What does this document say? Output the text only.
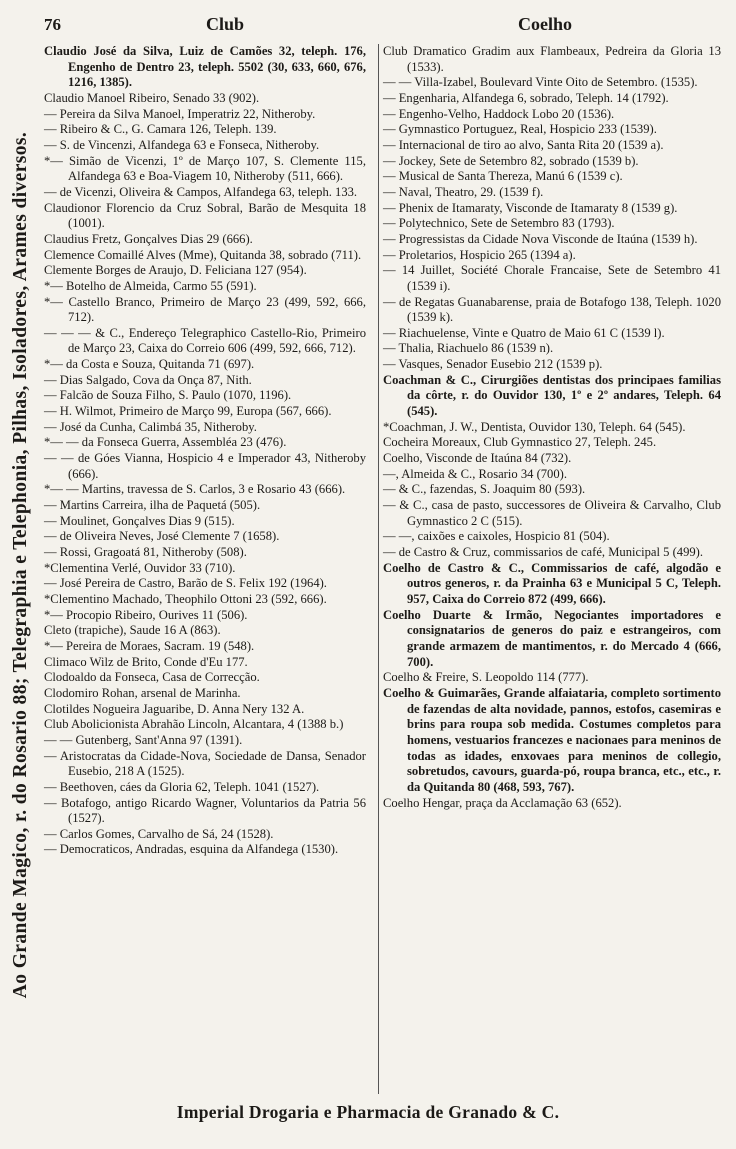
Ao Grande Magico, r. do Rosario 88; Telegraphia e Telephonia, Pilhas, Isoladores, Arames diversos.
76	Club	Coelho

Claudio José da Silva, Luiz de Camões 32, teleph. 176, Engenho de Dentro 23, teleph. 5502 (30, 633, 660, 676, 1216, 1385).

Claudio Manoel Ribeiro, Senado 33 (902).

— Pereira da Silva Manoel, Imperatriz 22, Nitheroby.

— Ribeiro & C., G. Camara 126, Teleph. 139.

— S. de Vincenzi, Alfandega 63 e Fonseca, Nitheroby.

*— Simão de Vicenzi, 1º de Março 107, S. Clemente 115, Alfandega 63 e Boa-Viagem 10, Nitheroby (511, 666).

— de Vicenzi, Oliveira & Campos, Alfandega 63, teleph. 133.

Claudionor Florencio da Cruz Sobral, Barão de Mesquita 18 (1001).

Claudius Fretz, Gonçalves Dias 29 (666).

Clemence Comaillé Alves (Mme), Quitanda 38, sobrado (711).

Clemente Borges de Araujo, D. Feliciana 127 (954).

*— Botelho de Almeida, Carmo 55 (591).

*— Castello Branco, Primeiro de Março 23 (499, 592, 666, 712).

— — — & C., Endereço Telegraphico Castello-Rio, Primeiro de Março 23, Caixa do Correio 606 (499, 592, 666, 712).

*— da Costa e Souza, Quitanda 71 (697).

— Dias Salgado, Cova da Onça 87, Nith.

— Falcão de Souza Filho, S. Paulo (1070, 1196).

— H. Wilmot, Primeiro de Março 99, Europa (567, 666).

— José da Cunha, Calimbá 35, Nitheroby.

*— — da Fonseca Guerra, Assembléa 23 (476).

— — de Góes Vianna, Hospicio 4 e Imperador 43, Nitheroby (666).

*— — Martins, travessa de S. Carlos, 3 e Rosario 43 (666).

— Martins Carreira, ilha de Paquetá (505).

— Moulinet, Gonçalves Dias 9 (515).

— de Oliveira Neves, José Clemente 7 (1658).

— Rossi, Gragoatá 81, Nitheroby (508).

*Clementina Verlé, Ouvidor 33 (710).

— José Pereira de Castro, Barão de S. Felix 192 (1964).

*Clementino Machado, Theophilo Ottoni 23 (592, 666).

*— Procopio Ribeiro, Ourives 11 (506).

Cleto (trapiche), Saude 16 A (863).

*— Pereira de Moraes, Sacram. 19 (548).

Climaco Wilz de Brito, Conde d'Eu 177.

Clodoaldo da Fonseca, Casa de Correcção.

Clodomiro Rohan, arsenal de Marinha.

Clotildes Nogueira Jaguaribe, D. Anna Nery 132 A.

Club Abolicionista Abrahão Lincoln, Alcantara, 4 (1388 b.)

— — Gutenberg, Sant'Anna 97 (1391).

— Aristocratas da Cidade-Nova, Sociedade de Dansa, Senador Eusebio, 218 A (1525).

— Beethoven, cáes da Gloria 62, Teleph. 1041 (1527).

— Botafogo, antigo Ricardo Wagner, Voluntarios da Patria 56 (1527).

— Carlos Gomes, Carvalho de Sá, 24 (1528).

— Democraticos, Andradas, esquina da Alfandega (1530).

Club Dramatico Gradim aux Flambeaux, Pedreira da Gloria 13 (1533).

— — Villa-Izabel, Boulevard Vinte Oito de Setembro. (1535).

— Engenharia, Alfandega 6, sobrado, Teleph. 14 (1792).

— Engenho-Velho, Haddock Lobo 20 (1536).

— Gymnastico Portuguez, Real, Hospicio 233 (1539).

— Internacional de tiro ao alvo, Santa Rita 20 (1539 a).

— Jockey, Sete de Setembro 82, sobrado (1539 b).

— Musical de Santa Thereza, Manú 6 (1539 c).

— Naval, Theatro, 29. (1539 f).

— Phenix de Itamaraty, Visconde de Itamaraty 8 (1539 g).

— Polytechnico, Sete de Setembro 83 (1793).

— Progressistas da Cidade Nova Visconde de Itaúna (1539 h).

— Proletarios, Hospicio 265 (1394 a).

— 14 Juillet, Société Chorale Francaise, Sete de Setembro 41 (1539 i).

— de Regatas Guanabarense, praia de Botafogo 138, Teleph. 1020 (1539 k).

— Riachuelense, Vinte e Quatro de Maio 61 C (1539 l).

— Thalia, Riachuelo 86 (1539 n).

— Vasques, Senador Eusebio 212 (1539 p).

Coachman & C., Cirurgiões dentistas dos principaes familias da côrte, r. do Ouvidor 130, 1º e 2º andares, Teleph. 64 (545).

*Coachman, J. W., Dentista, Ouvidor 130, Teleph. 64 (545).

Cocheira Moreaux, Club Gymnastico 27, Teleph. 245.

Coelho, Visconde de Itaúna 84 (732).

—, Almeida & C., Rosario 34 (700).

— & C., fazendas, S. Joaquim 80 (593).

— & C., casa de pasto, successores de Oliveira & Carvalho, Club Gymnastico 2 C (515).

— —, caixões e caixoles, Hospicio 81 (504).

— de Castro & Cruz, commissarios de café, Municipal 5 (499).

Coelho de Castro & C., Commissarios de café, algodão e outros generos, r. da Prainha 63 e Municipal 5 C, Teleph. 957, Caixa do Correio 872 (499, 666).

Coelho Duarte & Irmão, Negociantes importadores e consignatarios de generos do paiz e estrangeiros, com grande armazem de mantimentos, r. do Mercado 4 (666, 700).

Coelho & Freire, S. Leopoldo 114 (777).

Coelho & Guimarães, Grande alfaiataria, completo sortimento de fazendas de alta novidade, pannos, estofos, casemiras e brins para roupa sob medida. Costumes completos para homens, vestuarios francezes e nacionaes para meninos de todas as idades, enxovaes para meninos de collegio, sobretudos, cavours, guarda-pó, roupa branca, etc., etc., r. da Quitanda 80 (468, 593, 767).

Coelho Hengar, praça da Acclamação 63 (652).

Imperial Drogaria e Pharmacia de Granado & C.
